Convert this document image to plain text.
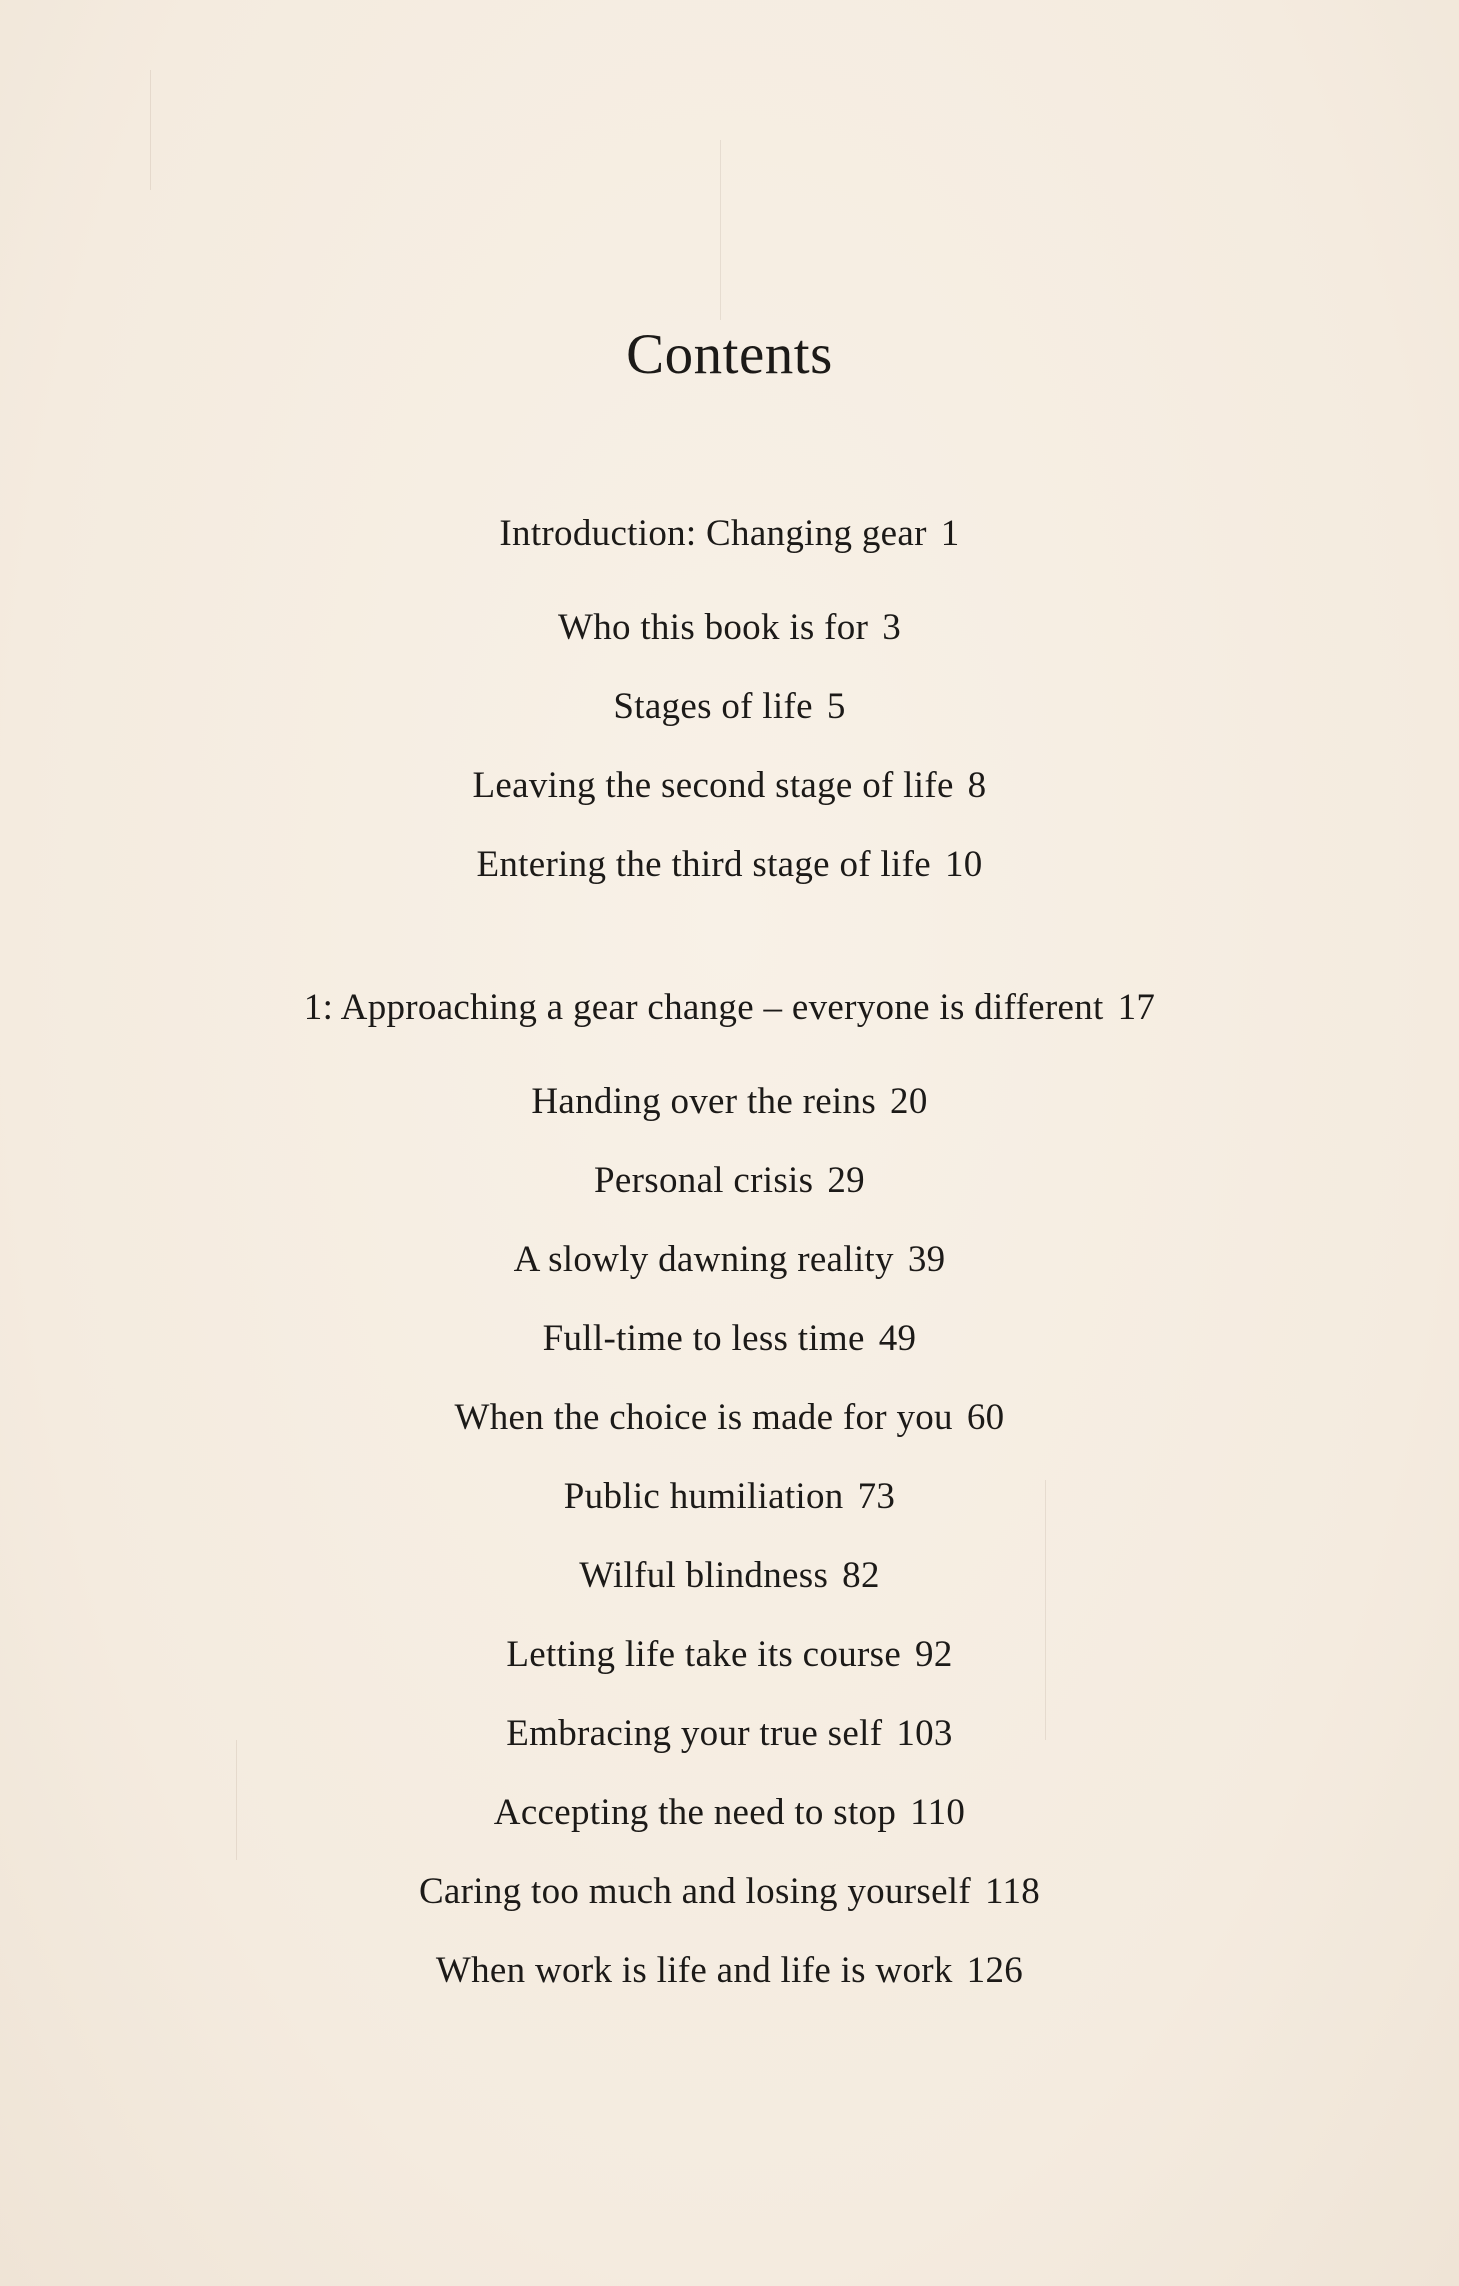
Contents
Introduction: Changing gear 1
Who this book is for 3
Stages of life 5
Leaving the second stage of life 8
Entering the third stage of life 10
1: Approaching a gear change – everyone is different 17
Handing over the reins 20
Personal crisis 29
A slowly dawning reality 39
Full-time to less time 49
When the choice is made for you 60
Public humiliation 73
Wilful blindness 82
Letting life take its course 92
Embracing your true self 103
Accepting the need to stop 110
Caring too much and losing yourself 118
When work is life and life is work 126
